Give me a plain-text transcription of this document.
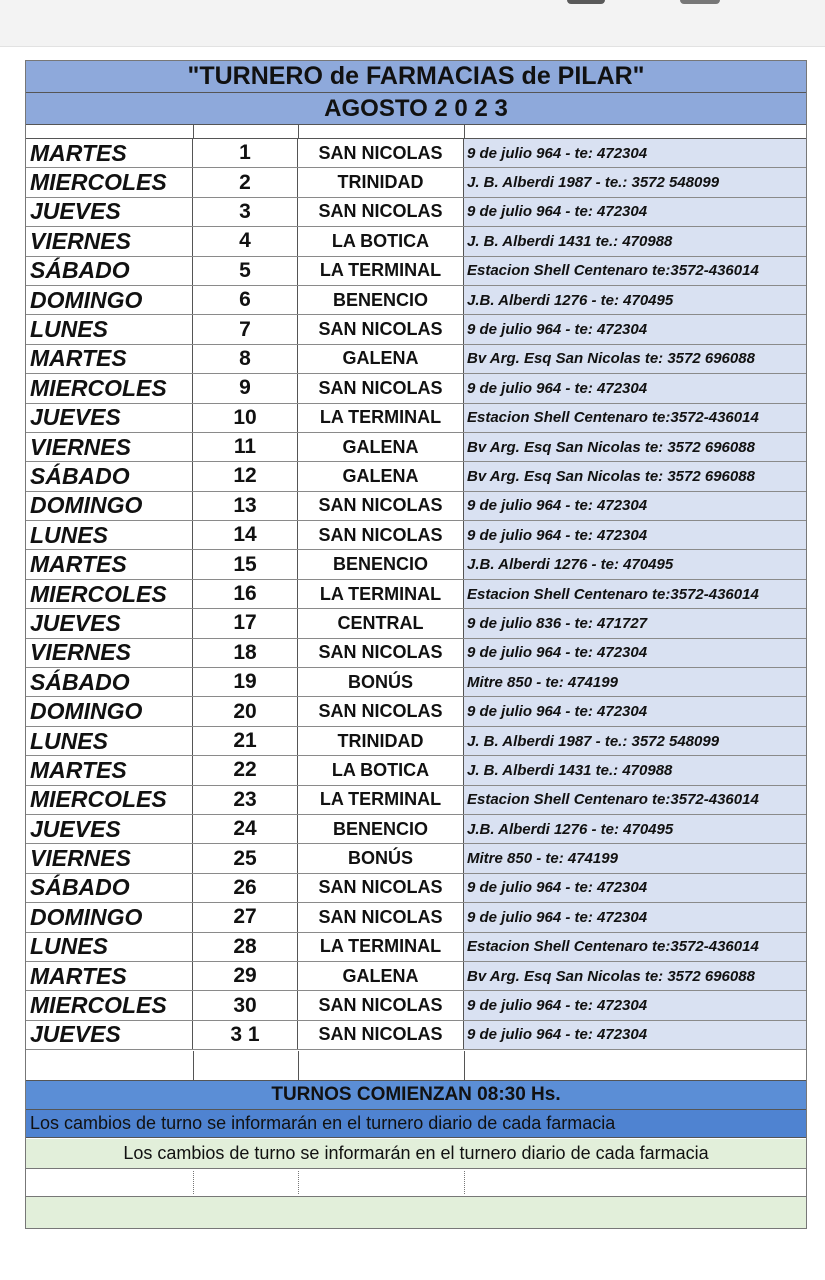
"TURNERO de FARMACIAS de PILAR"
AGOSTO 2 0 2 3
MARTES	1	SAN NICOLAS	9 de julio 964 - te: 472304
MIERCOLES	2	TRINIDAD	J. B. Alberdi 1987 - te.: 3572 548099
JUEVES	3	SAN NICOLAS	9 de julio 964 - te: 472304
VIERNES	4	LA BOTICA	J. B. Alberdi 1431 te.: 470988
SÁBADO	5	LA TERMINAL	Estacion Shell Centenaro te:3572-436014
DOMINGO	6	BENENCIO	J.B. Alberdi 1276 - te: 470495
LUNES	7	SAN NICOLAS	9 de julio 964 - te: 472304
MARTES	8	GALENA	Bv Arg. Esq San Nicolas te: 3572 696088
MIERCOLES	9	SAN NICOLAS	9 de julio 964 - te: 472304
JUEVES	10	LA TERMINAL	Estacion Shell Centenaro te:3572-436014
VIERNES	11	GALENA	Bv Arg. Esq San Nicolas te: 3572 696088
SÁBADO	12	GALENA	Bv Arg. Esq San Nicolas te: 3572 696088
DOMINGO	13	SAN NICOLAS	9 de julio 964 - te: 472304
LUNES	14	SAN NICOLAS	9 de julio 964 - te: 472304
MARTES	15	BENENCIO	J.B. Alberdi 1276 - te: 470495
MIERCOLES	16	LA TERMINAL	Estacion Shell Centenaro te:3572-436014
JUEVES	17	CENTRAL	9 de julio 836 - te: 471727
VIERNES	18	SAN NICOLAS	9 de julio 964 - te: 472304
SÁBADO	19	BONÚS	Mitre 850 - te: 474199
DOMINGO	20	SAN NICOLAS	9 de julio 964 - te: 472304
LUNES	21	TRINIDAD	J. B. Alberdi 1987 - te.: 3572 548099
MARTES	22	LA BOTICA	J. B. Alberdi 1431 te.: 470988
MIERCOLES	23	LA TERMINAL	Estacion Shell Centenaro te:3572-436014
JUEVES	24	BENENCIO	J.B. Alberdi 1276 - te: 470495
VIERNES	25	BONÚS	Mitre 850 - te: 474199
SÁBADO	26	SAN NICOLAS	9 de julio 964 - te: 472304
DOMINGO	27	SAN NICOLAS	9 de julio 964 - te: 472304
LUNES	28	LA TERMINAL	Estacion Shell Centenaro te:3572-436014
MARTES	29	GALENA	Bv Arg. Esq San Nicolas te: 3572 696088
MIERCOLES	30	SAN NICOLAS	9 de julio 964 - te: 472304
JUEVES	3 1	SAN NICOLAS	9 de julio 964 - te: 472304
TURNOS COMIENZAN 08:30 Hs.
Los cambios de turno se informarán en el turnero diario de cada farmacia
Los cambios de turno se informarán en el turnero diario de cada farmacia
